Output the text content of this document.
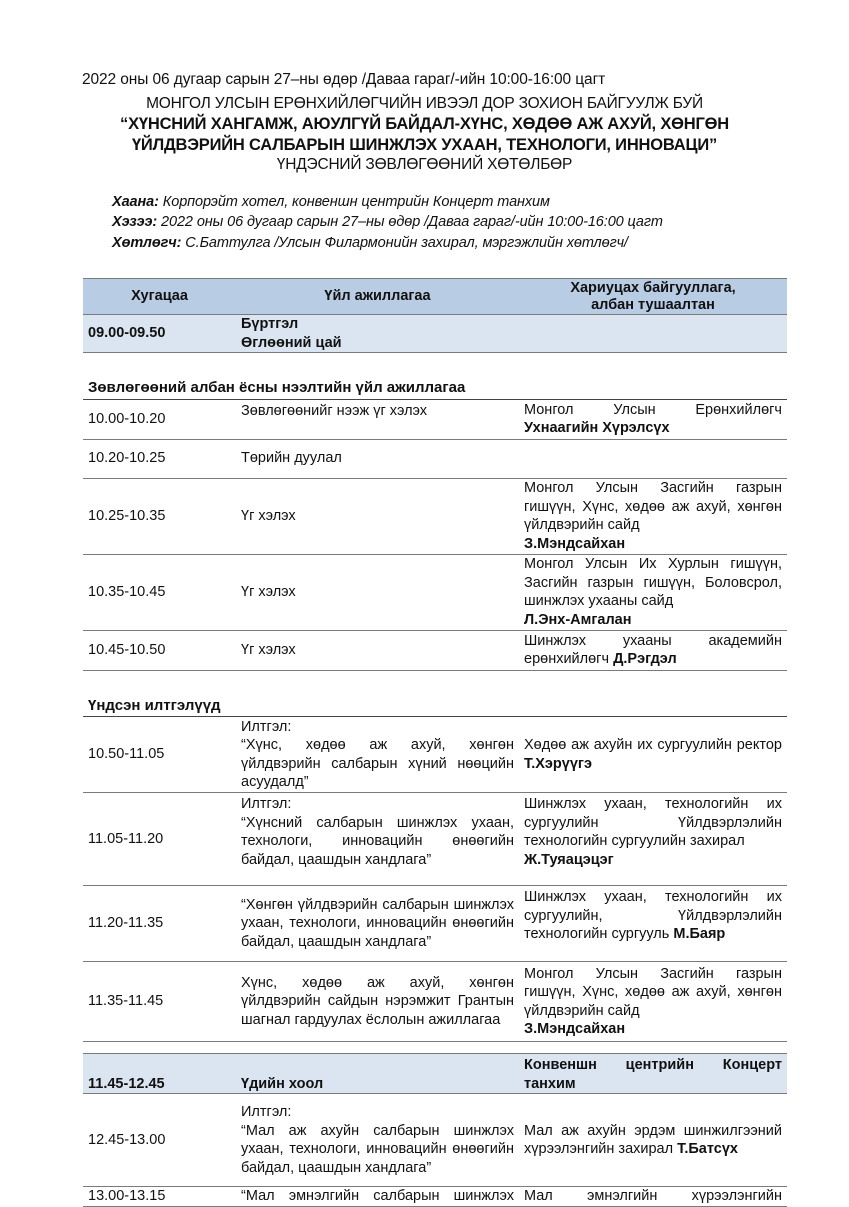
2022 оны 06 дугаар сарын 27–ны өдөр /Даваа гараг/-ийн 10:00-16:00 цагт
МОНГОЛ УЛСЫН ЕРӨНХИЙЛӨГЧИЙН ИВЭЭЛ ДОР ЗОХИОН БАЙГУУЛЖ БУЙ
“ХҮНСНИЙ ХАНГАМЖ, АЮУЛГҮЙ БАЙДАЛ-ХҮНС, ХӨДӨӨ АЖ АХУЙ, ХӨНГӨН
ҮЙЛДВЭРИЙН САЛБАРЫН ШИНЖЛЭХ УХААН, ТЕХНОЛОГИ, ИННОВАЦИ”
ҮНДЭСНИЙ ЗӨВЛӨГӨӨНИЙ ХӨТӨЛБӨР
Хаана: Корпорэйт хотел, конвеншн центрийн Концерт танхим
Хэзээ: 2022 оны 06 дугаар сарын 27–ны өдөр /Даваа гараг/-ийн 10:00-16:00 цагт
Хөтлөгч: С.Баттулга /Улсын Филармонийн захирал, мэргэжлийн хөтлөгч/
Хугацаа	Үйл ажиллагаа	Хариуцах байгууллага,
албан тушаалтан

09.00-09.50	Бүртгэл
Өглөөний цай	

Зөвлөгөөний албан ёсны нээлтийн үйл ажиллагаа		
10.00-10.20	Зөвлөгөөнийг нээж үг хэлэх	Монгол Улсын Ерөнхийлөгч
Ухнаагийн Хүрэлсүх
10.20-10.25	Төрийн дуулал	
10.25-10.35	Үг хэлэх	Монгол Улсын Засгийн газрын гишүүн, Хүнс, хөдөө аж ахуй, хөнгөн үйлдвэрийн сайд
З.Мэндсайхан

10.35-10.45	Үг хэлэх	Монгол Улсын Их Хурлын гишүүн, Засгийн газрын гишүүн, Боловсрол, шинжлэх ухааны сайд
Л.Энх-Амгалан

10.45-10.50	Үг хэлэх	Шинжлэх ухааны академийн ерөнхийлөгч Д.Рэгдэл
Үндсэн илтгэлүүд		
10.50-11.05	Илтгэл:
“Хүнс, хөдөө аж ахуй, хөнгөн үйлдвэрийн салбарын хүний нөөцийн асуудалд”	Хөдөө аж ахуйн их сургуулийн ректор Т.Хэрүүгэ
11.05-11.20	Илтгэл:
“Хүнсний салбарын шинжлэх ухаан, технологи, инновацийн өнөөгийн байдал, цаашдын хандлага”	Шинжлэх ухаан, технологийн их сургуулийн Үйлдвэрлэлийн технологийн сургуулийн захирал
Ж.Туяацэцэг

11.20-11.35	“Хөнгөн үйлдвэрийн салбарын шинжлэх ухаан, технологи, инновацийн өнөөгийн байдал, цаашдын хандлага”	Шинжлэх ухаан, технологийн их сургуулийн, Үйлдвэрлэлийн технологийн сургууль М.Баяр
11.35-11.45	Хүнс, хөдөө аж ахуй, хөнгөн үйлдвэрийн сайдын нэрэмжит Грантын шагнал гардуулах ёслолын ажиллагаа	Монгол Улсын Засгийн газрын гишүүн, Хүнс, хөдөө аж ахуй, хөнгөн үйлдвэрийн сайд
З.Мэндсайхан

11.45-12.45	Үдийн хоол	Конвеншн центрийн Концерт танхим
12.45-13.00	Илтгэл:
“Мал аж ахуйн салбарын шинжлэх ухаан, технологи, инновацийн өнөөгийн байдал, цаашдын хандлага”	Мал аж ахуйн эрдэм шинжилгээний хүрээлэнгийн захирал Т.Батсүх
13.00-13.15	“Мал эмнэлгийн салбарын шинжлэх	Мал эмнэлгийн хүрээлэнгийн
